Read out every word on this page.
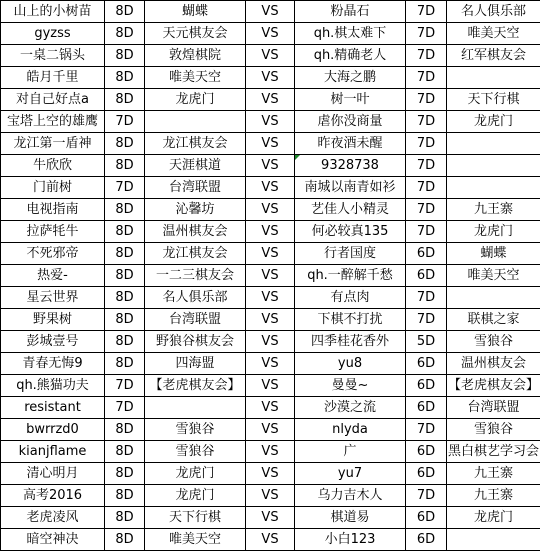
山上的小树苗	8D	蝴蝶	VS	粉晶石	7D	名人俱乐部
gyzss	8D	天元棋友会	VS	qh.棋太难下	7D	唯美天空
一桌二锅头	8D	敦煌棋院	VS	qh.精确老人	7D	红军棋友会
皓月千里	8D	唯美天空	VS	大海之鹏	7D	
对自己好点a	8D	龙虎门	VS	树一叶	7D	天下行棋
宝塔上空的雄鹰	7D		VS	虐你没商量	7D	龙虎门
龙江第一盾神	8D	龙江棋友会	VS	昨夜酒未醒	7D	
牛欣欣	8D	天涯棋道	VS	9328738	7D	
门前树	7D	台湾联盟	VS	南城以南青如衫	7D	
电视指南	8D	沁馨坊	VS	艺佳人小精灵	7D	九王寨
拉萨牦牛	8D	温州棋友会	VS	何必较真135	7D	龙虎门
不死邪帝	8D	龙江棋友会	VS	行者国度	6D	蝴蝶
热爱-	8D	一二三棋友会	VS	qh.一醉解千愁	6D	唯美天空
星云世界	8D	名人俱乐部	VS	有点肉	7D	
野果树	8D	台湾联盟	VS	下棋不打扰	7D	联棋之家
彭城壹号	8D	野狼谷棋友会	VS	四季桂花香外	5D	雪狼谷
青春无悔9	8D	四海盟	VS	yu8	6D	温州棋友会
qh.熊猫功夫	7D	【老虎棋友会】	VS	曼曼~	6D	【老虎棋友会】
resistant	7D		VS	沙漠之流	6D	台湾联盟
bwrrzd0	8D	雪狼谷	VS	nlyda	7D	雪狼谷
kianjflame	8D	雪狼谷	VS	广	6D	黑白棋艺学习会
清心明月	8D	龙虎门	VS	yu7	6D	九王寨
高考2016	8D	龙虎门	VS	乌力吉木人	7D	九王寨
老虎凌风	8D	天下行棋	VS	棋道易	6D	龙虎门
暗空神决	8D	唯美天空	VS	小白123	6D	
